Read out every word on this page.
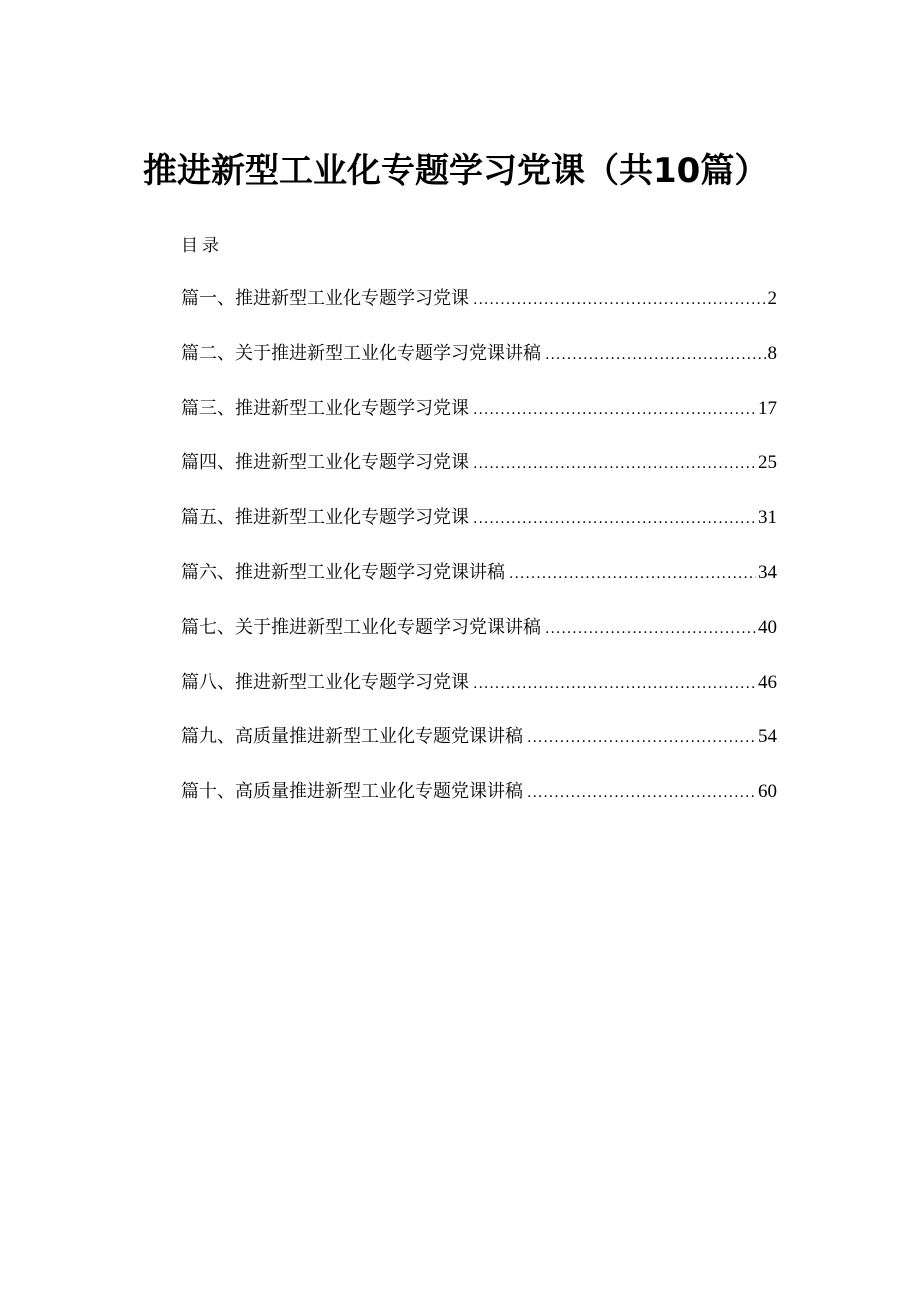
推进新型工业化专题学习党课（共10篇）
目录
篇一、推进新型工业化专题学习党课 .....	2
篇二、关于推进新型工业化专题学习党课讲稿 .....	8
篇三、推进新型工业化专题学习党课 .....	17
篇四、推进新型工业化专题学习党课 .....	25
篇五、推进新型工业化专题学习党课 .....	31
篇六、推进新型工业化专题学习党课讲稿 .....	34
篇七、关于推进新型工业化专题学习党课讲稿 .....	40
篇八、推进新型工业化专题学习党课 .....	46
篇九、高质量推进新型工业化专题党课讲稿 .....	54
篇十、高质量推进新型工业化专题党课讲稿 .....	60
